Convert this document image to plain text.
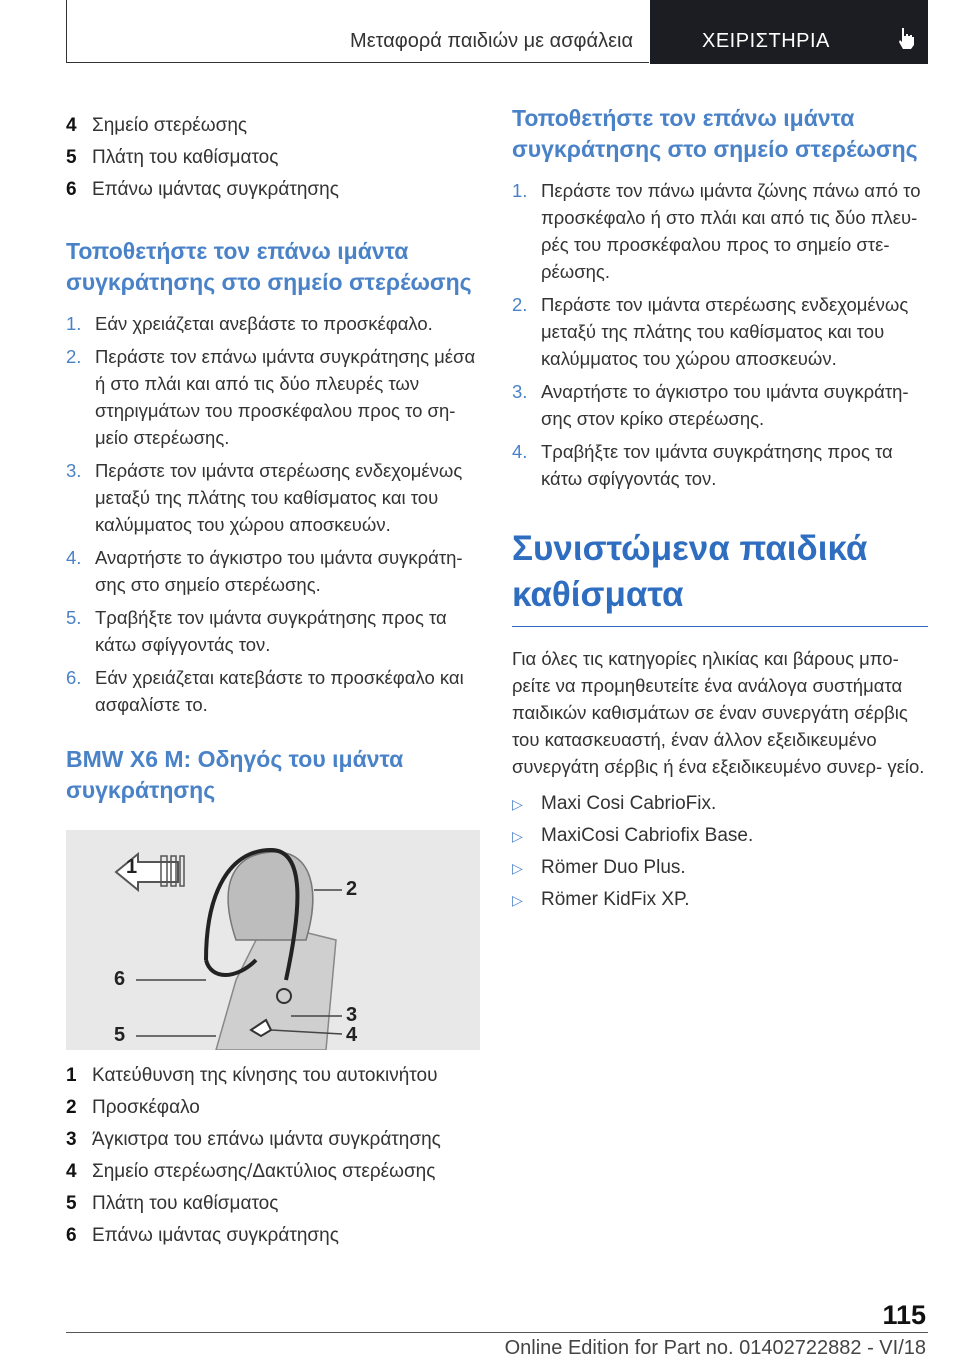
Μεταφορά παιδιών με ασφάλεια	ΧΕΙΡΙΣΤΗΡΙΑ
4 Σημείο στερέωσης
5 Πλάτη του καθίσματος
6 Επάνω ιμάντας συγκράτησης
Τοποθετήστε τον επάνω ιμάντα συγκράτησης στο σημείο στερέωσης
1. Εάν χρειάζεται ανεβάστε το προσκέφαλο.
2. Περάστε τον επάνω ιμάντα συγκράτησης μέσα ή στο πλάι και από τις δύο πλευρές των στηριγμάτων του προσκέφαλου προς το ση‐ μείο στερέωσης.
3. Περάστε τον ιμάντα στερέωσης ενδεχομένως μεταξύ της πλάτης του καθίσματος και του καλύμματος του χώρου αποσκευών.
4. Αναρτήστε το άγκιστρο του ιμάντα συγκράτη‐ σης στο σημείο στερέωσης.
5. Τραβήξτε τον ιμάντα συγκράτησης προς τα κάτω σφίγγοντάς τον.
6. Εάν χρειάζεται κατεβάστε το προσκέφαλο και ασφαλίστε το.
BMW X6 M: Οδηγός του ιμάντα συγκράτησης
1
2
6
3
5	4
1 Κατεύθυνση της κίνησης του αυτοκινήτου
2 Προσκέφαλο
3 Άγκιστρα του επάνω ιμάντα συγκράτησης
4 Σημείο στερέωσης/Δακτύλιος στερέωσης
5 Πλάτη του καθίσματος
6 Επάνω ιμάντας συγκράτησης
Τοποθετήστε τον επάνω ιμάντα συγκράτησης στο σημείο στερέωσης
1. Περάστε τον πάνω ιμάντα ζώνης πάνω από το προσκέφαλο ή στο πλάι και από τις δύο πλευ‐ ρές του προσκέφαλου προς το σημείο στε‐ ρέωσης.
2. Περάστε τον ιμάντα στερέωσης ενδεχομένως μεταξύ της πλάτης του καθίσματος και του καλύμματος του χώρου αποσκευών.
3. Αναρτήστε το άγκιστρο του ιμάντα συγκράτη‐ σης στον κρίκο στερέωσης.
4. Τραβήξτε τον ιμάντα συγκράτησης προς τα κάτω σφίγγοντάς τον.
Συνιστώμενα παιδικά καθίσματα
Για όλες τις κατηγορίες ηλικίας και βάρους μπο‐ ρείτε να προμηθευτείτε ένα ανάλογα συστήματα παιδικών καθισμάτων σε έναν συνεργάτη σέρβις του κατασκευαστή, έναν άλλον εξειδικευμένο συνεργάτη σέρβις ή ένα εξειδικευμένο συνερ‐ γείο.
▷ Maxi Cosi CabrioFix.
▷ MaxiCosi Cabriofix Base.
▷ Römer Duo Plus.
▷ Römer KidFix XP.
115
Online Edition for Part no. 01402722882 - VI/18
